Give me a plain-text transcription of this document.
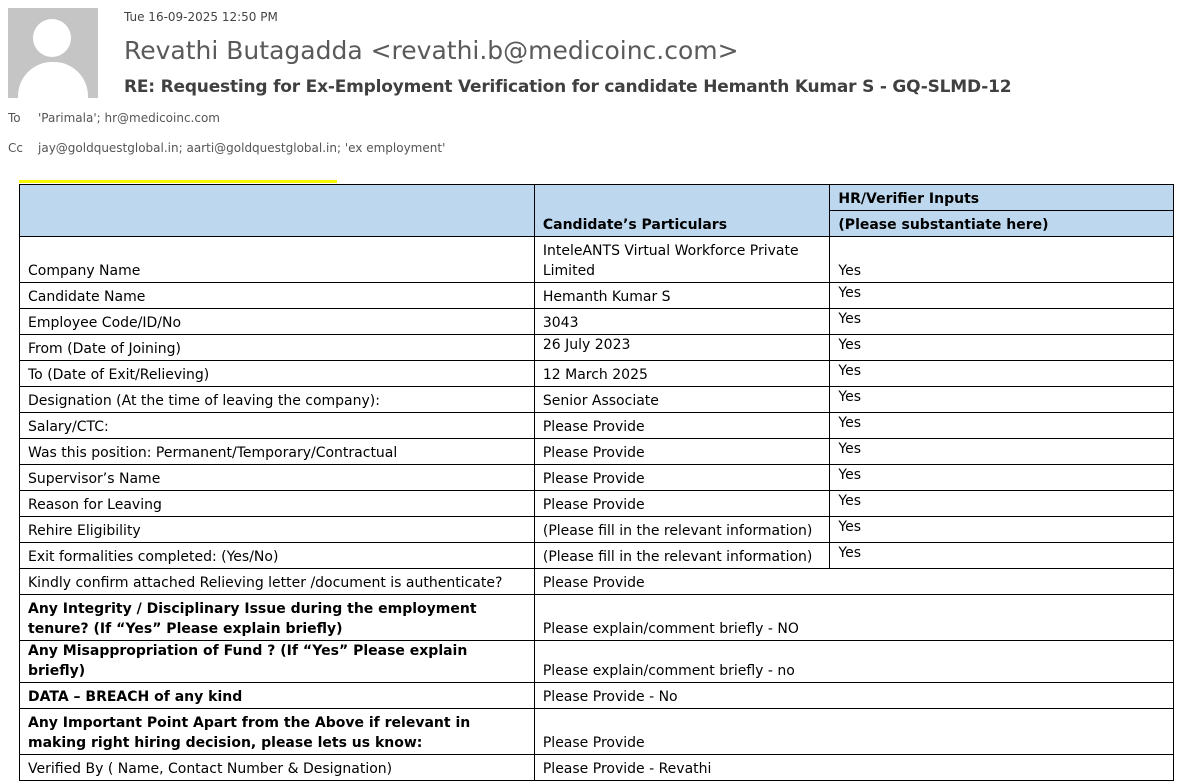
Tue 16-09-2025 12:50 PM
Revathi Butagadda <revathi.b@medicoinc.com>
RE: Requesting for Ex-Employment Verification for candidate Hemanth Kumar S - GQ-SLMD-12
To 'Parimala'; hr@medicoinc.com
Cc jay@goldquestglobal.in; aarti@goldquestglobal.in; 'ex employment'
	Candidate’s Particulars	HR/Verifier Inputs
		(Please substantiate here)
Company Name	InteleANTS Virtual Workforce Private Limited	Yes
Candidate Name	Hemanth Kumar S	Yes
Employee Code/ID/No	3043	Yes
From (Date of Joining)	26 July 2023	Yes
To (Date of Exit/Relieving)	12 March 2025	Yes
Designation (At the time of leaving the company):	Senior Associate	Yes
Salary/CTC:	Please Provide	Yes
Was this position: Permanent/Temporary/Contractual	Please Provide	Yes
Supervisor’s Name	Please Provide	Yes
Reason for Leaving	Please Provide	Yes
Rehire Eligibility	(Please fill in the relevant information)	Yes
Exit formalities completed: (Yes/No)	(Please fill in the relevant information)	Yes
Kindly confirm attached Relieving letter /document is authenticate?	Please Provide	
Any Integrity / Disciplinary Issue during the employment tenure? (If “Yes” Please explain briefly)	Please explain/comment briefly - NO	
Any Misappropriation of Fund ? (If “Yes” Please explain briefly)	Please explain/comment briefly - no	
DATA – BREACH of any kind	Please Provide - No	
Any Important Point Apart from the Above if relevant in making right hiring decision, please lets us know:	Please Provide	
Verified By ( Name, Contact Number & Designation)	Please Provide - Revathi	
